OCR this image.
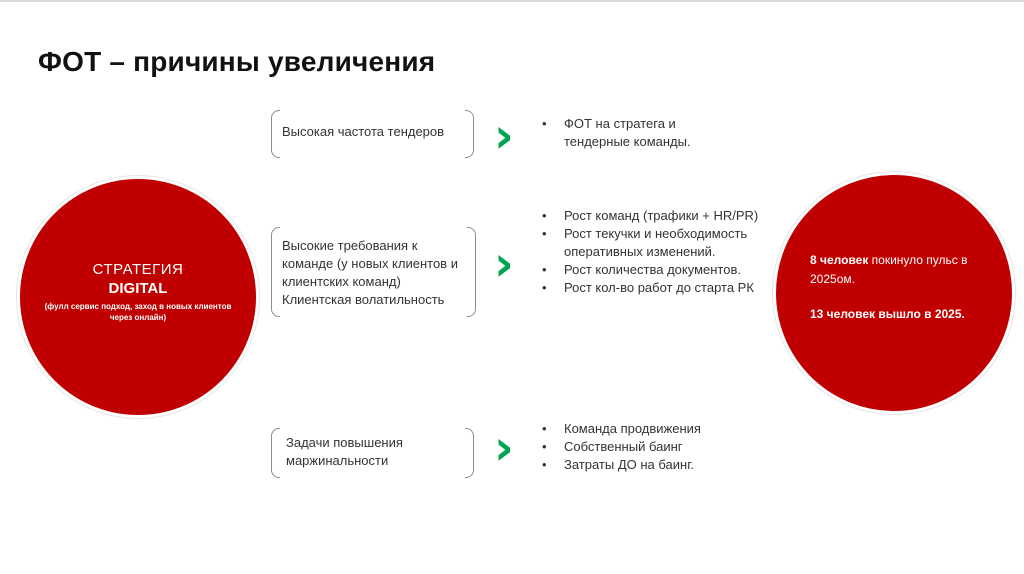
ФОТ – причины увеличения
СТРАТЕГИЯ
DIGITAL
(фулл сервис подход, заход в новых клиентов через онлайн)
Высокая частота тендеров	›	• ФОТ на стратега и тендерные команды.
Высокие требования к команде (у новых клиентов и клиентских команд) Клиентская волатильность
›
• Рост команд (трафики + HR/PR)
• Рост текучки и необходимость оперативных изменений.
• Рост количества документов.
• Рост кол-во работ до старта РК
Задачи повышения маржинальности	›	• Команда продвижения
• Собственный баинг
• Затраты ДО на баинг.
8 человек покинуло пульс в 2025ом.
13 человек вышло в 2025.
